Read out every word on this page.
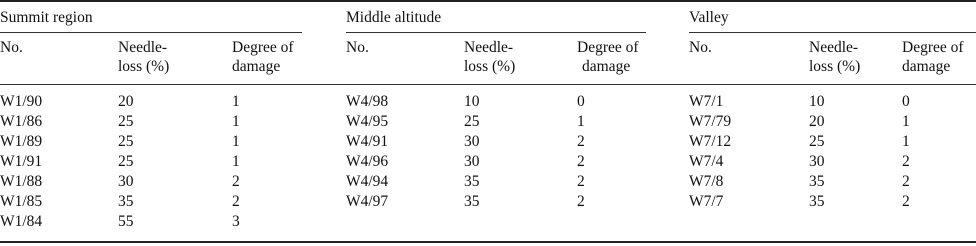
Summit region
No.	Needle-
loss (%)
Degree of
damage
W1/90	20	1
W1/86	25	1
W1/89	25	1
W1/91	25	1
W1/88	30	2
W1/85	35	2
W1/84	55	3
Middle altitude
No.	Needle-
loss (%)
Degree of
damage
W4/98	10	0
W4/95	25	1
W4/91	30	2
W4/96	30	2
W4/94	35	2
W4/97	35	2
Valley
No.	Needle-
loss (%)
Degree of
damage
W7/1	10	0
W7/79	20	1
W7/12	25	1
W7/4	30	2
W7/8	35	2
W7/7	35	2
